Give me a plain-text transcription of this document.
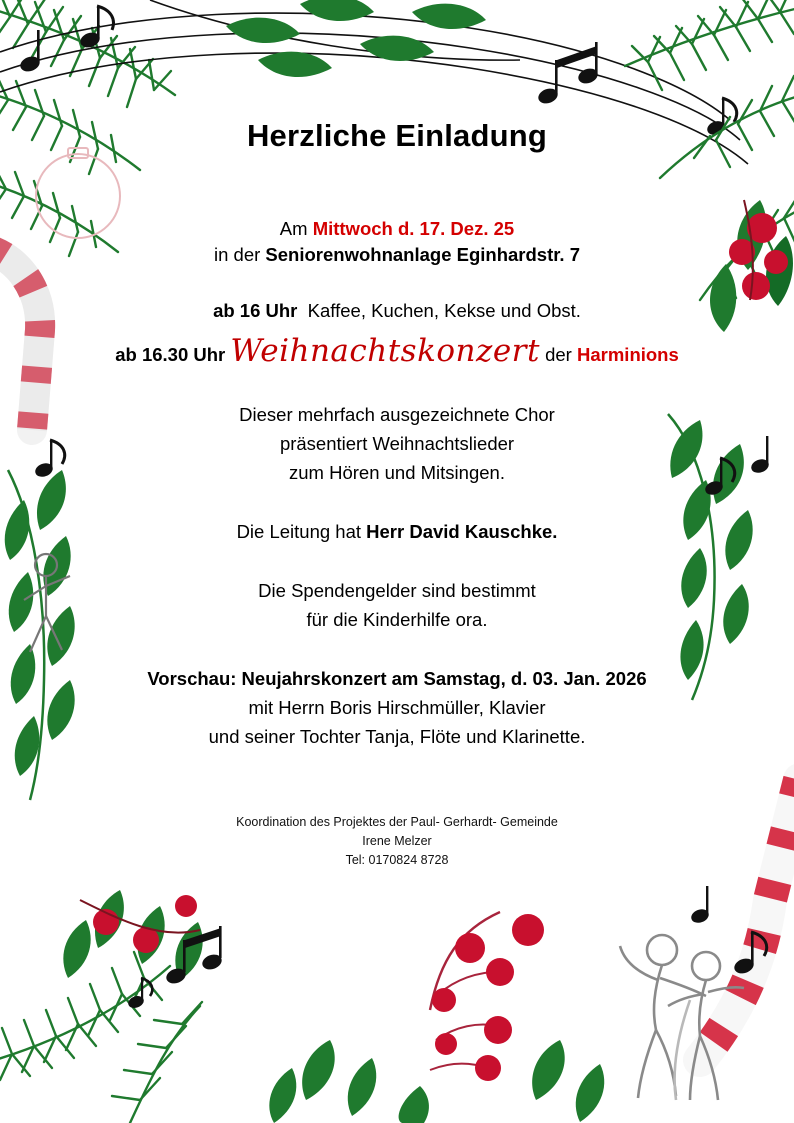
Herzliche Einladung
Am Mittwoch d. 17. Dez. 25
in der Seniorenwohnanlage Eginhardstr. 7
ab 16 Uhr Kaffee, Kuchen, Kekse und Obst.
ab 16.30 Uhr Weihnachtskonzert der Harminions
Dieser mehrfach ausgezeichnete Chor
präsentiert Weihnachtslieder
zum Hören und Mitsingen.
Die Leitung hat Herr David Kauschke.
Die Spendengelder sind bestimmt
für die Kinderhilfe ora.
Vorschau: Neujahrskonzert am Samstag, d. 03. Jan. 2026
mit Herrn Boris Hirschmüller, Klavier
und seiner Tochter Tanja, Flöte und Klarinette.
Koordination des Projektes der Paul- Gerhardt- Gemeinde
Irene Melzer
Tel: 0170824 8728
